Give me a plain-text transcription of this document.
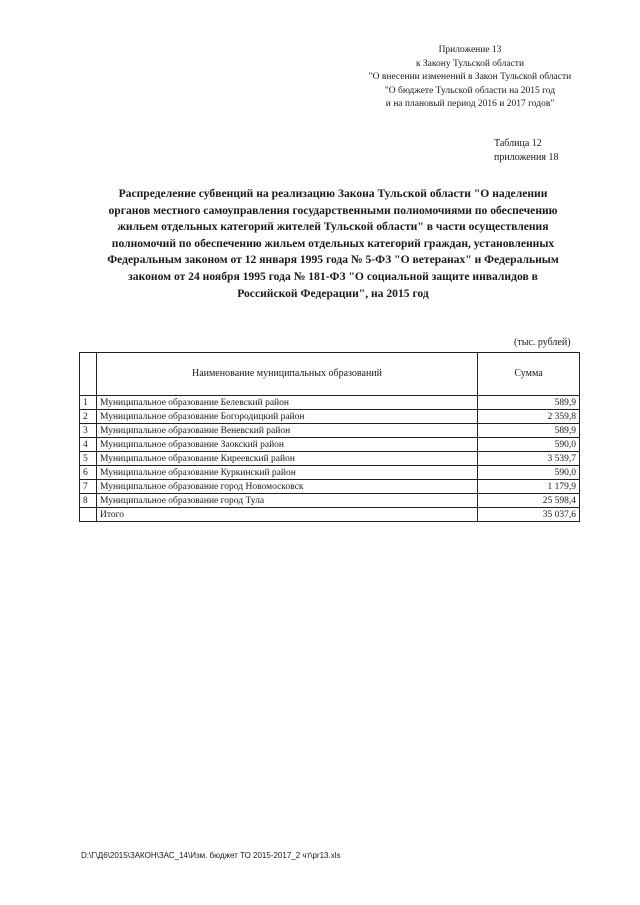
Приложение 13
к Закону Тульской области
"О внесении изменений в Закон Тульской области
"О бюджете Тульской области на 2015 год
и на плановый период 2016 и 2017 годов"
Таблица 12
приложения 18
Распределение субвенций на реализацию Закона Тульской области "О наделении
органов местного самоуправления государственными полномочиями по обеспечению
жильем отдельных категорий жителей Тульской области" в части осуществления
полномочий по обеспечению жильем отдельных категорий граждан, установленных
Федеральным законом от 12 января 1995 года № 5-ФЗ "О ветеранах" и Федеральным
законом от 24 ноября 1995 года № 181-ФЗ "О социальной защите инвалидов в
Российской Федерации", на 2015 год
(тыс. рублей)
	Наименование муниципальных образований	Сумма
1	Муниципальное образование Белевский район	589,9
2	Муниципальное образование Богородицкий район	2 359,8
3	Муниципальное образование Веневский район	589,9
4	Муниципальное образование Заокский район	590,0
5	Муниципальное образование Киреевский район	3 539,7
6	Муниципальное образование Куркинский район	590,0
7	Муниципальное образование город Новомосковск	1 179,9
8	Муниципальное образование город Тула	25 598,4
	Итого	35 037,6
D:\Г\Д6\2015\ЗАКОН\ЗАС_14\Изм. бюджет ТО 2015-2017_2 чт\pr13.xls
